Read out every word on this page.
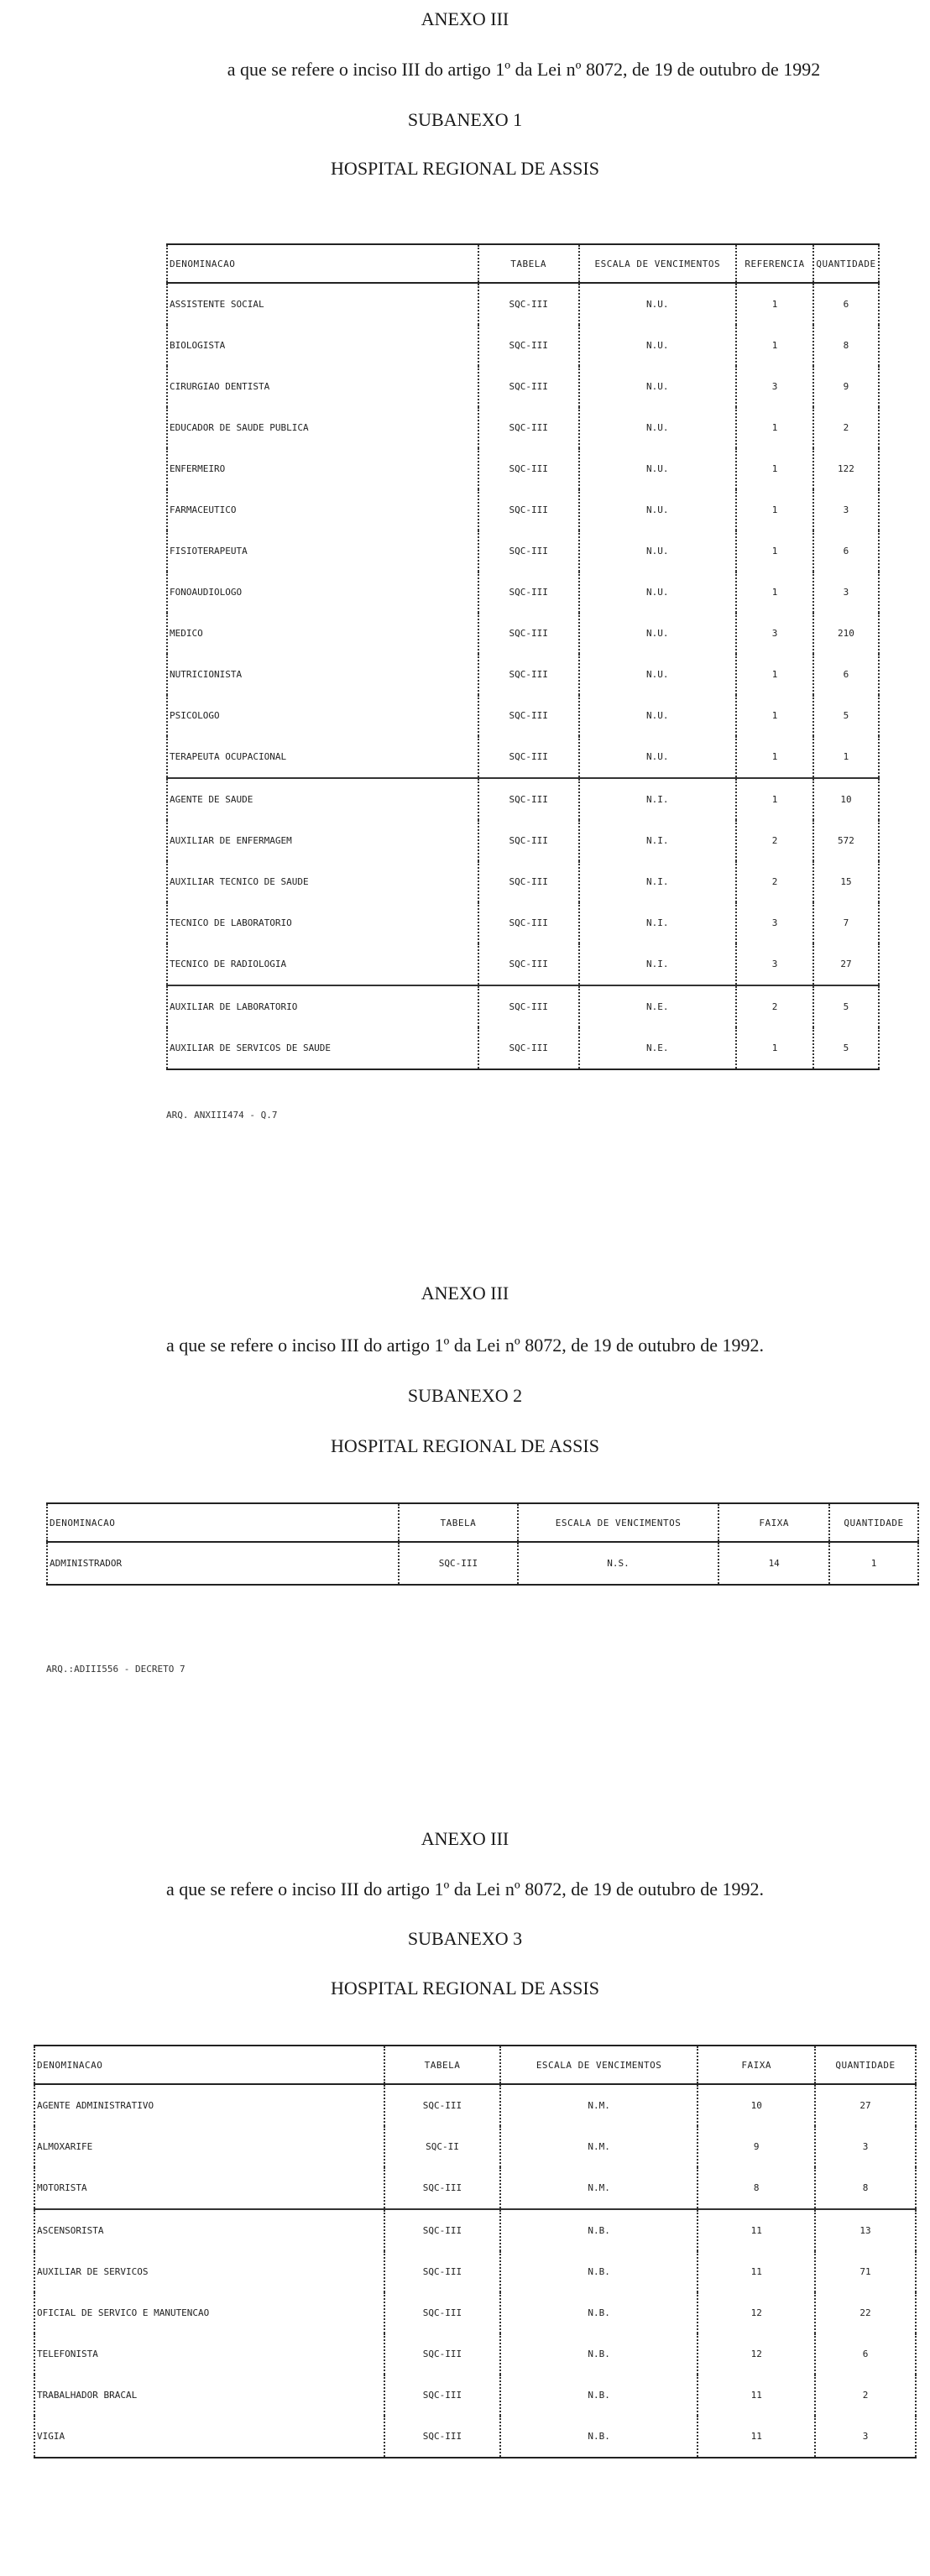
ANEXO III
a que se refere o inciso III do artigo 1º da Lei nº 8072, de 19 de outubro de 1992
SUBANEXO 1
HOSPITAL REGIONAL DE ASSIS
DENOMINACAO	TABELA	ESCALA DE VENCIMENTOS	REFERENCIA	QUANTIDADE
ASSISTENTE SOCIAL	SQC-III	N.U.	1	6
BIOLOGISTA	SQC-III	N.U.	1	8
CIRURGIAO DENTISTA	SQC-III	N.U.	3	9
EDUCADOR DE SAUDE PUBLICA	SQC-III	N.U.	1	2
ENFERMEIRO	SQC-III	N.U.	1	122
FARMACEUTICO	SQC-III	N.U.	1	3
FISIOTERAPEUTA	SQC-III	N.U.	1	6
FONOAUDIOLOGO	SQC-III	N.U.	1	3
MEDICO	SQC-III	N.U.	3	210
NUTRICIONISTA	SQC-III	N.U.	1	6
PSICOLOGO	SQC-III	N.U.	1	5
TERAPEUTA OCUPACIONAL	SQC-III	N.U.	1	1
AGENTE DE SAUDE	SQC-III	N.I.	1	10
AUXILIAR DE ENFERMAGEM	SQC-III	N.I.	2	572
AUXILIAR TECNICO DE SAUDE	SQC-III	N.I.	2	15
TECNICO DE LABORATORIO	SQC-III	N.I.	3	7
TECNICO DE RADIOLOGIA	SQC-III	N.I.	3	27
AUXILIAR DE LABORATORIO	SQC-III	N.E.	2	5
AUXILIAR DE SERVICOS DE SAUDE	SQC-III	N.E.	1	5
ARQ. ANXIII474 - Q.7
ANEXO III
a que se refere o inciso III do artigo 1º da Lei nº 8072, de 19 de outubro de 1992.
SUBANEXO 2
HOSPITAL REGIONAL DE ASSIS
DENOMINACAO	TABELA	ESCALA DE VENCIMENTOS	FAIXA	QUANTIDADE
ADMINISTRADOR	SQC-III	N.S.	14	1
ARQ.:ADIII556 - DECRETO 7
ANEXO III
a que se refere o inciso III do artigo 1º da Lei nº 8072, de 19 de outubro de 1992.
SUBANEXO 3
HOSPITAL REGIONAL DE ASSIS
DENOMINACAO	TABELA	ESCALA DE VENCIMENTOS	FAIXA	QUANTIDADE
AGENTE ADMINISTRATIVO	SQC-III	N.M.	10	27
ALMOXARIFE	SQC-II	N.M.	9	3
MOTORISTA	SQC-III	N.M.	8	8
ASCENSORISTA	SQC-III	N.B.	11	13
AUXILIAR DE SERVICOS	SQC-III	N.B.	11	71
OFICIAL DE SERVICO E MANUTENCAO	SQC-III	N.B.	12	22
TELEFONISTA	SQC-III	N.B.	12	6
TRABALHADOR BRACAL	SQC-III	N.B.	11	2
VIGIA	SQC-III	N.B.	11	3
